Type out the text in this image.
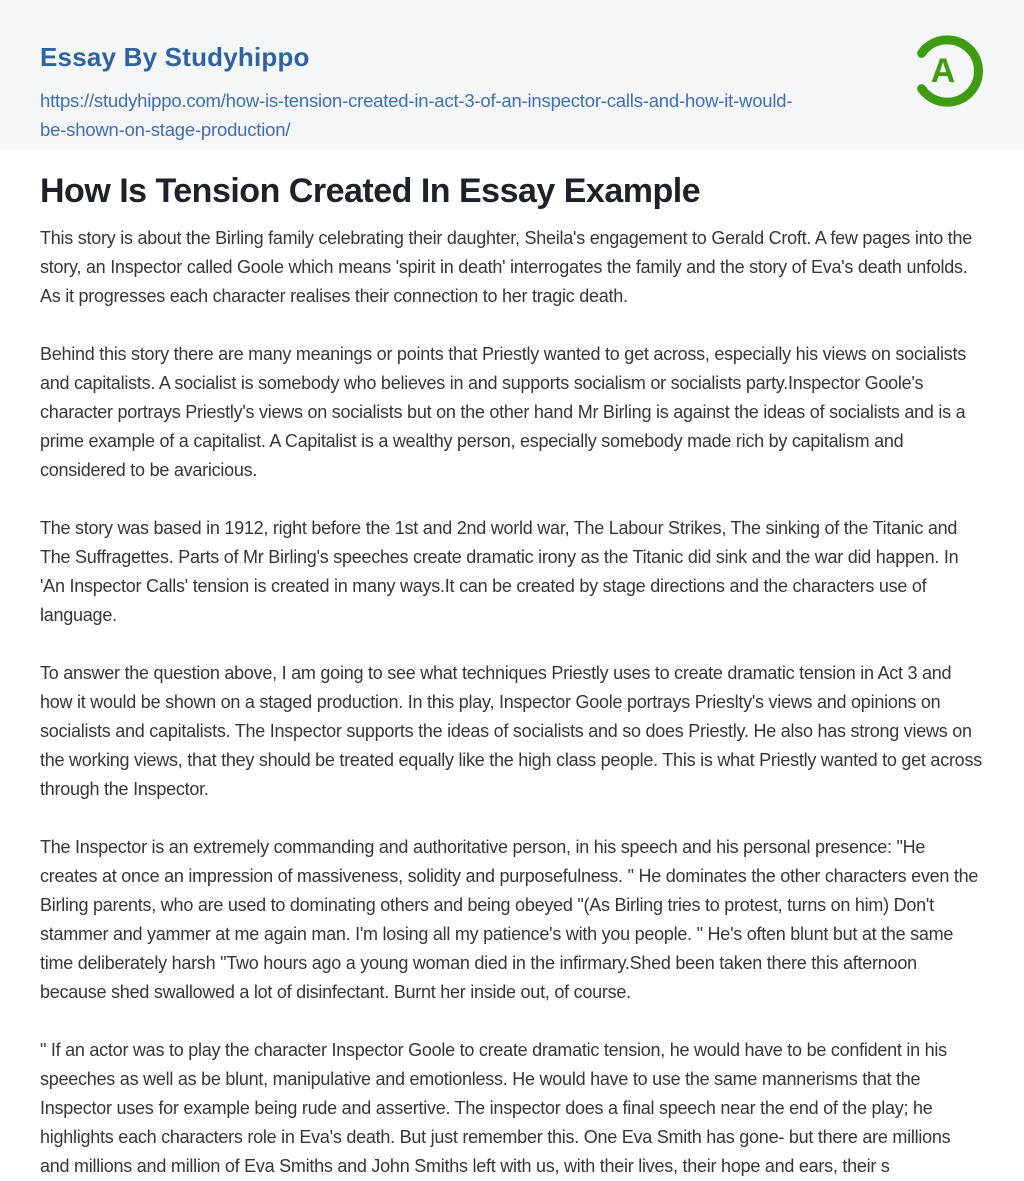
Essay By Studyhippo
https://studyhippo.com/how-is-tension-created-in-act-3-of-an-inspector-calls-and-how-it-would-be-shown-on-stage-production/
A
How Is Tension Created In Essay Example

This story is about the Birling family celebrating their daughter, Sheila's engagement to Gerald Croft. A few pages into the story, an Inspector called Goole which means 'spirit in death' interrogates the family and the story of Eva's death unfolds. As it progresses each character realises their connection to her tragic death.

Behind this story there are many meanings or points that Priestly wanted to get across, especially his views on socialists and capitalists. A socialist is somebody who believes in and supports socialism or socialists party.Inspector Goole's character portrays Priestly's views on socialists but on the other hand Mr Birling is against the ideas of socialists and is a prime example of a capitalist. A Capitalist is a wealthy person, especially somebody made rich by capitalism and considered to be avaricious.

The story was based in 1912, right before the 1st and 2nd world war, The Labour Strikes, The sinking of the Titanic and The Suffragettes. Parts of Mr Birling's speeches create dramatic irony as the Titanic did sink and the war did happen. In 'An Inspector Calls' tension is created in many ways.It can be created by stage directions and the characters use of language.

To answer the question above, I am going to see what techniques Priestly uses to create dramatic tension in Act 3 and how it would be shown on a staged production. In this play, Inspector Goole portrays Prieslty's views and opinions on socialists and capitalists. The Inspector supports the ideas of socialists and so does Priestly. He also has strong views on the working views, that they should be treated equally like the high class people. This is what Priestly wanted to get across through the Inspector.

The Inspector is an extremely commanding and authoritative person, in his speech and his personal presence: "He creates at once an impression of massiveness, solidity and purposefulness. " He dominates the other characters even the Birling parents, who are used to dominating others and being obeyed "(As Birling tries to protest, turns on him) Don't stammer and yammer at me again man. I'm losing all my patience's with you people. " He's often blunt but at the same time deliberately harsh "Two hours ago a young woman died in the infirmary.Shed been taken there this afternoon because shed swallowed a lot of disinfectant. Burnt her inside out, of course.

" If an actor was to play the character Inspector Goole to create dramatic tension, he would have to be confident in his speeches as well as be blunt, manipulative and emotionless. He would have to use the same mannerisms that the Inspector uses for example being rude and assertive. The inspector does a final speech near the end of the play; he highlights each characters role in Eva's death. But just remember this. One Eva Smith has gone- but there are millions and millions and million of Eva Smiths and John Smiths left with us, with their lives, their hope and ears, their s
